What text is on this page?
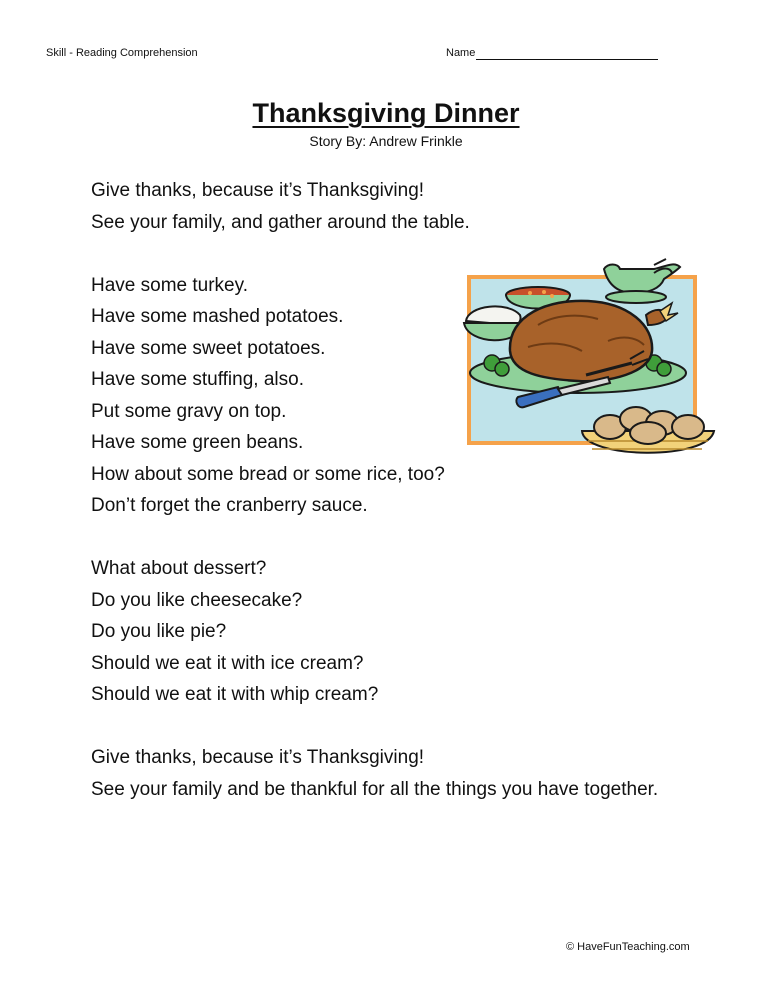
Skill - Reading Comprehension	Name
Thanksgiving Dinner
Story By: Andrew Frinkle
Give thanks, because it’s Thanksgiving!
See your family, and gather around the table.
Have some turkey.
Have some mashed potatoes.
Have some sweet potatoes.
Have some stuffing, also.
Put some gravy on top.
Have some green beans.
How about some bread or some rice, too?
Don’t forget the cranberry sauce.
What about dessert?
Do you like cheesecake?
Do you like pie?
Should we eat it with ice cream?
Should we eat it with whip cream?
Give thanks, because it’s Thanksgiving!
See your family and be thankful for all the things you have together.
© HaveFunTeaching.com
